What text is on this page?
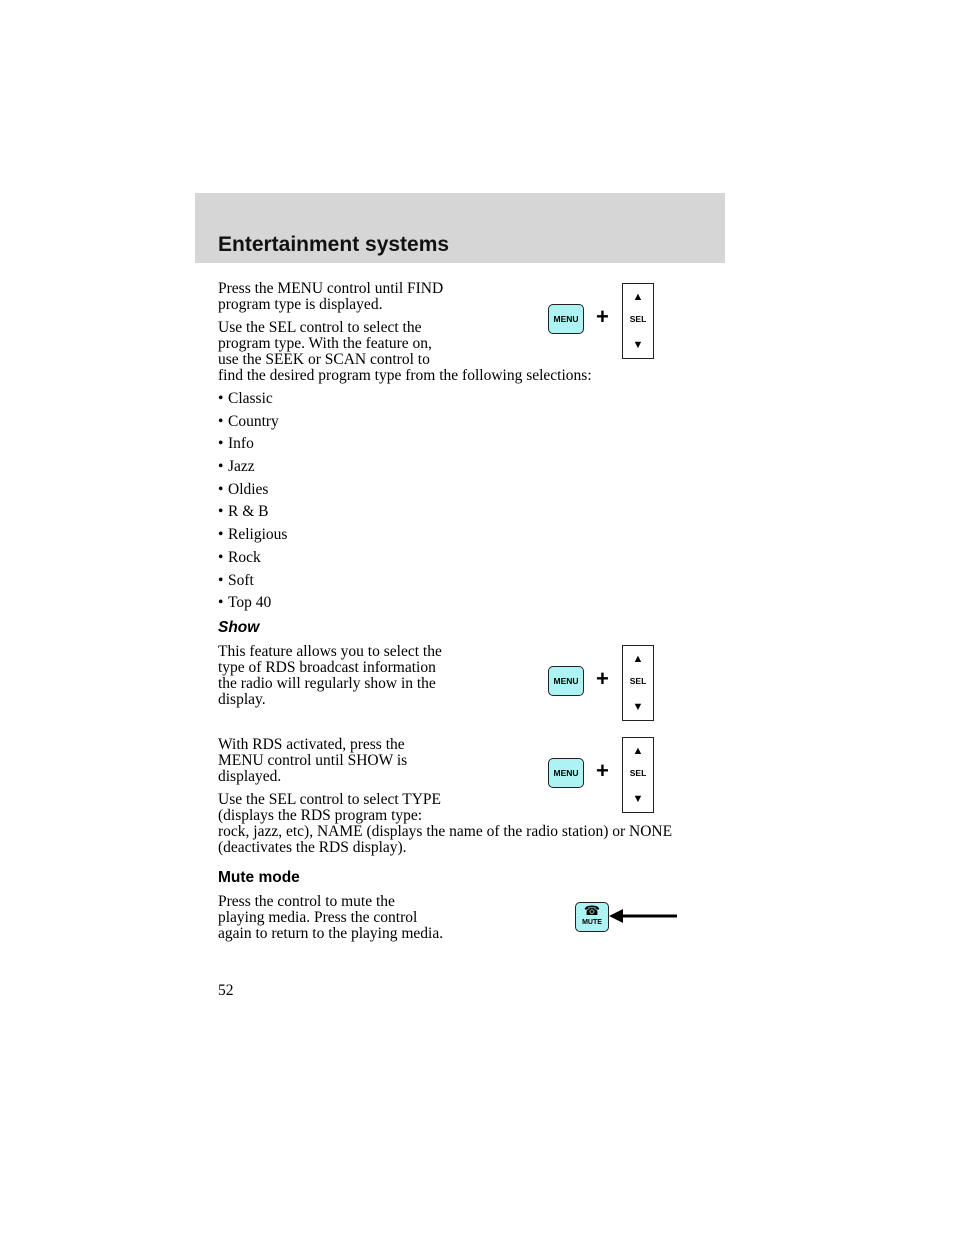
Entertainment systems
Press the MENU control until FIND
program type is displayed.
Use the SEL control to select the
program type. With the feature on,
use the SEEK or SCAN control to
find the desired program type from the following selections:
MENU +
▲
SEL
▼
• Classic
• Country
• Info
• Jazz
• Oldies
• R & B
• Religious
• Rock
• Soft
• Top 40
Show
This feature allows you to select the
type of RDS broadcast information
the radio will regularly show in the
display.
MENU +
▲
SEL
▼
With RDS activated, press the
MENU control until SHOW is
displayed.	MENU +
▲
SEL
▼
Use the SEL control to select TYPE
(displays the RDS program type:
rock, jazz, etc), NAME (displays the name of the radio station) or NONE
(deactivates the RDS display).
Mute mode
Press the control to mute the
playing media. Press the control
again to return to the playing media.
☎
MUTE
52
